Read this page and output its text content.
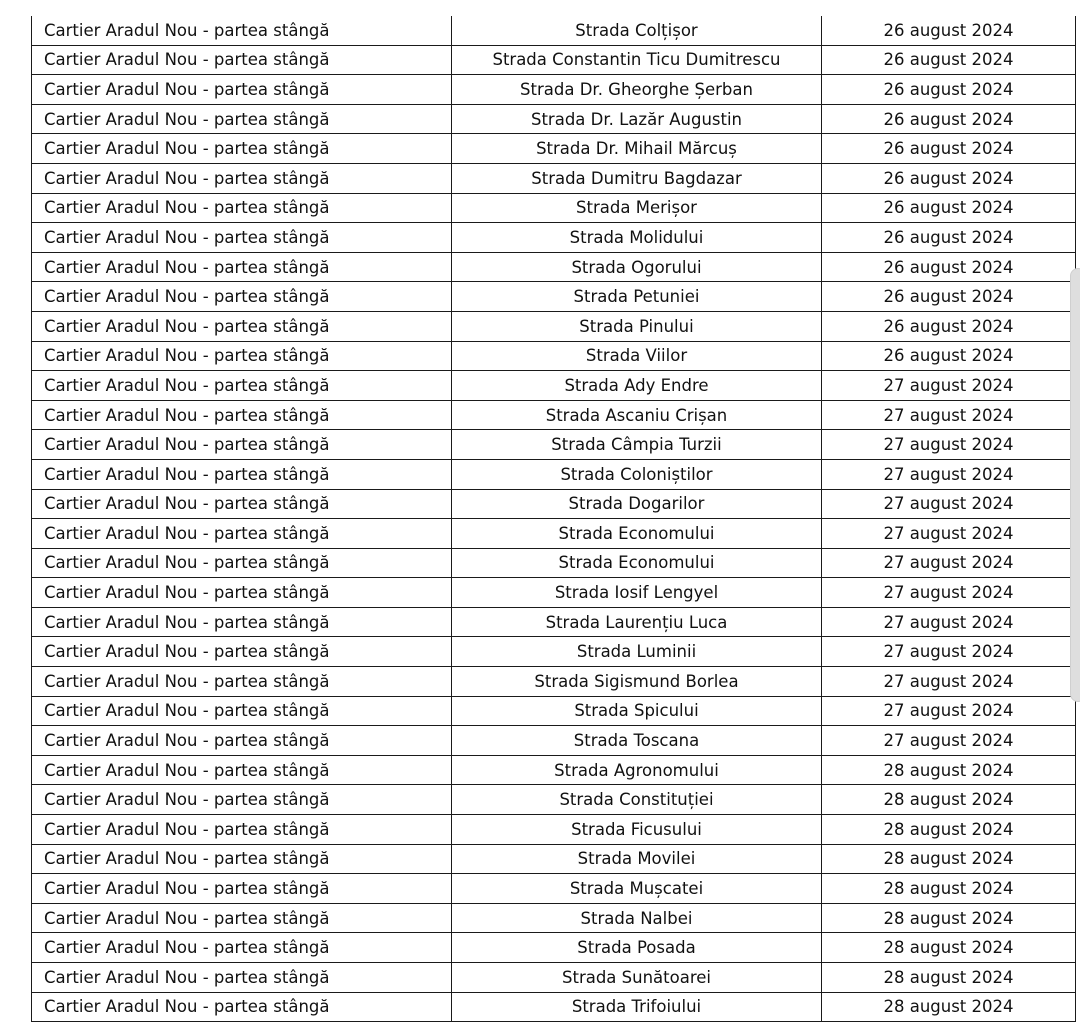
Cartier Aradul Nou - partea stângă	Strada Colțișor	26 august 2024
Cartier Aradul Nou - partea stângă	Strada Constantin Ticu Dumitrescu	26 august 2024
Cartier Aradul Nou - partea stângă	Strada Dr. Gheorghe Șerban	26 august 2024
Cartier Aradul Nou - partea stângă	Strada Dr. Lazăr Augustin	26 august 2024
Cartier Aradul Nou - partea stângă	Strada Dr. Mihail Mărcuș	26 august 2024
Cartier Aradul Nou - partea stângă	Strada Dumitru Bagdazar	26 august 2024
Cartier Aradul Nou - partea stângă	Strada Merișor	26 august 2024
Cartier Aradul Nou - partea stângă	Strada Molidului	26 august 2024
Cartier Aradul Nou - partea stângă	Strada Ogorului	26 august 2024
Cartier Aradul Nou - partea stângă	Strada Petuniei	26 august 2024
Cartier Aradul Nou - partea stângă	Strada Pinului	26 august 2024
Cartier Aradul Nou - partea stângă	Strada Viilor	26 august 2024
Cartier Aradul Nou - partea stângă	Strada Ady Endre	27 august 2024
Cartier Aradul Nou - partea stângă	Strada Ascaniu Crișan	27 august 2024
Cartier Aradul Nou - partea stângă	Strada Câmpia Turzii	27 august 2024
Cartier Aradul Nou - partea stângă	Strada Coloniștilor	27 august 2024
Cartier Aradul Nou - partea stângă	Strada Dogarilor	27 august 2024
Cartier Aradul Nou - partea stângă	Strada Economului	27 august 2024
Cartier Aradul Nou - partea stângă	Strada Economului	27 august 2024
Cartier Aradul Nou - partea stângă	Strada Iosif Lengyel	27 august 2024
Cartier Aradul Nou - partea stângă	Strada Laurențiu Luca	27 august 2024
Cartier Aradul Nou - partea stângă	Strada Luminii	27 august 2024
Cartier Aradul Nou - partea stângă	Strada Sigismund Borlea	27 august 2024
Cartier Aradul Nou - partea stângă	Strada Spicului	27 august 2024
Cartier Aradul Nou - partea stângă	Strada Toscana	27 august 2024
Cartier Aradul Nou - partea stângă	Strada Agronomului	28 august 2024
Cartier Aradul Nou - partea stângă	Strada Constituției	28 august 2024
Cartier Aradul Nou - partea stângă	Strada Ficusului	28 august 2024
Cartier Aradul Nou - partea stângă	Strada Movilei	28 august 2024
Cartier Aradul Nou - partea stângă	Strada Mușcatei	28 august 2024
Cartier Aradul Nou - partea stângă	Strada Nalbei	28 august 2024
Cartier Aradul Nou - partea stângă	Strada Posada	28 august 2024
Cartier Aradul Nou - partea stângă	Strada Sunătoarei	28 august 2024
Cartier Aradul Nou - partea stângă	Strada Trifoiului	28 august 2024
